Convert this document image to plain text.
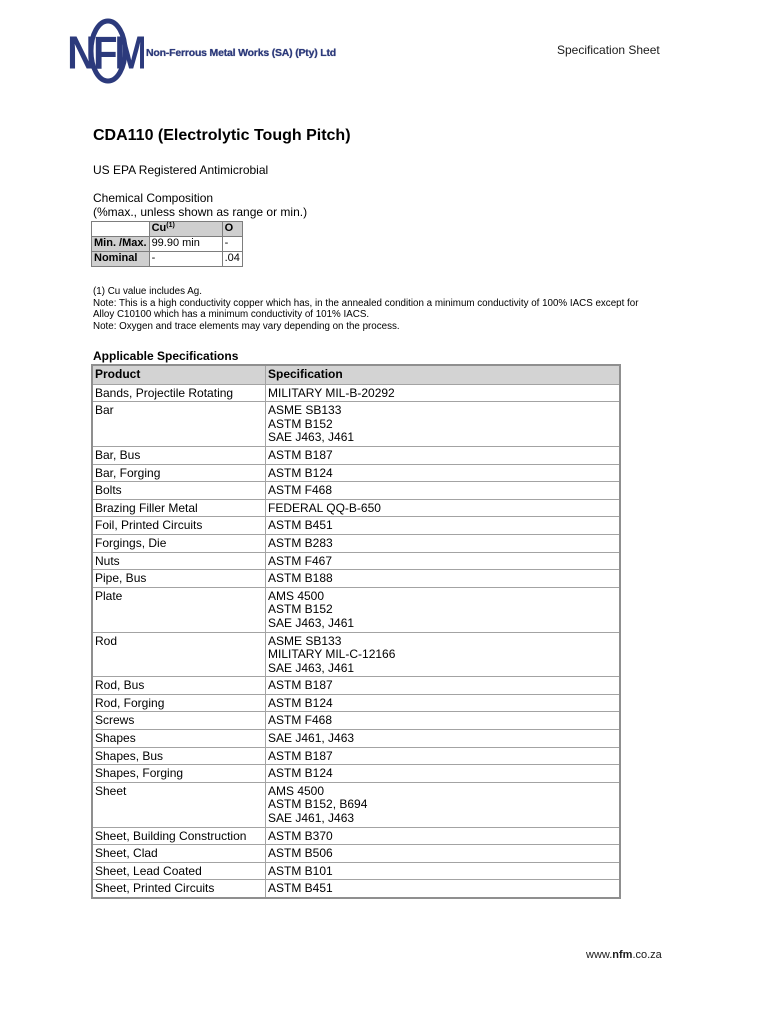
NFM Non-Ferrous Metal Works (SA) (Pty) Ltd	Specification Sheet
CDA110 (Electrolytic Tough Pitch)
US EPA Registered Antimicrobial
Chemical Composition
(%max., unless shown as range or min.)
	Cu$^{(1)}$	O
Min. /Max.	99.90 min	-
Nominal	-	.04
(1) Cu value includes Ag.
Note: This is a high conductivity copper which has, in the annealed condition a minimum conductivity of 100% IACS except for
Alloy C10100 which has a minimum conductivity of 101% IACS.
Note: Oxygen and trace elements may vary depending on the process.
Applicable Specifications
Product	Specification
Bands, Projectile Rotating	MILITARY MIL-B-20292

Bar	ASME SB133
ASTM B152
SAE J463, J461

Bar, Bus	ASTM B187

Bar, Forging	ASTM B124

Bolts	ASTM F468

Brazing Filler Metal	FEDERAL QQ-B-650

Foil, Printed Circuits	ASTM B451

Forgings, Die	ASTM B283

Nuts	ASTM F467

Pipe, Bus	ASTM B188

Plate	AMS 4500
ASTM B152
SAE J463, J461

Rod	ASME SB133
MILITARY MIL-C-12166
SAE J463, J461

Rod, Bus	ASTM B187

Rod, Forging	ASTM B124

Screws	ASTM F468

Shapes	SAE J461, J463

Shapes, Bus	ASTM B187

Shapes, Forging	ASTM B124

Sheet	AMS 4500
ASTM B152, B694
SAE J461, J463

Sheet, Building Construction	ASTM B370

Sheet, Clad	ASTM B506

Sheet, Lead Coated	ASTM B101

Sheet, Printed Circuits	ASTM B451
www.nfm.co.za
